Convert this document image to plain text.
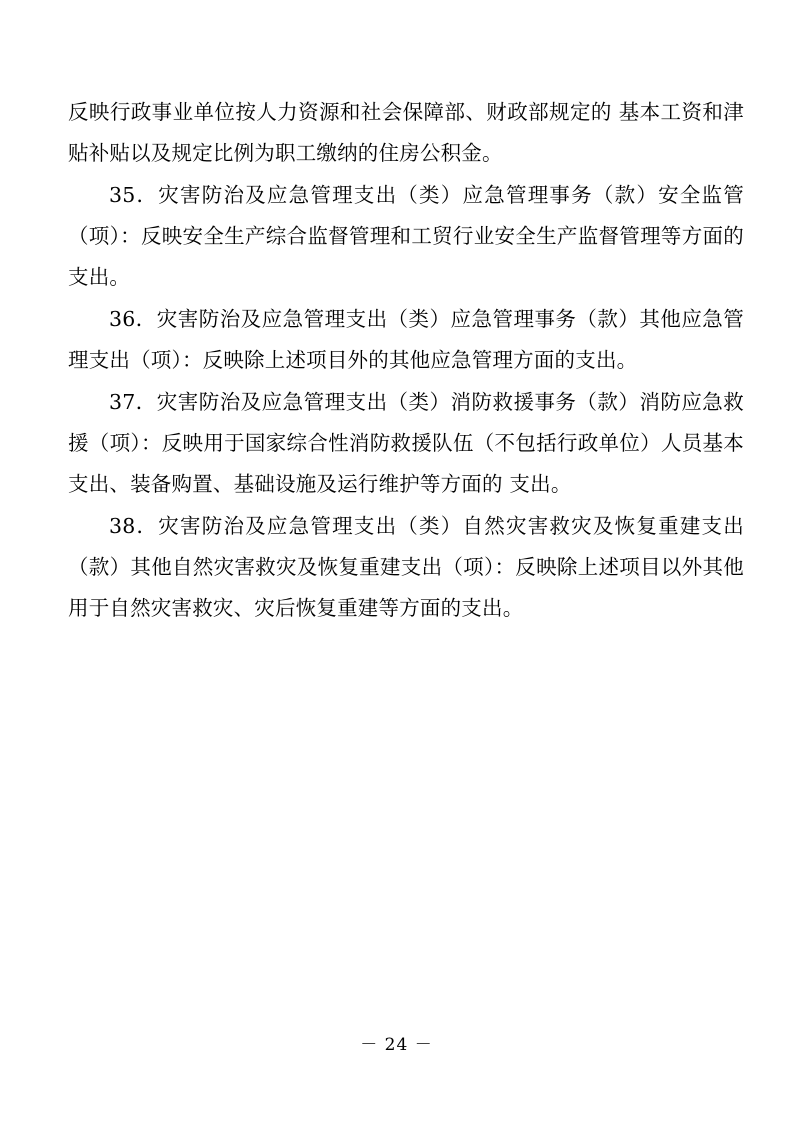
反映行政事业单位按人力资源和社会保障部、财政部规定的 基本工资和津贴补贴以及规定比例为职工缴纳的住房公积金。

35．灾害防治及应急管理支出（类）应急管理事务（款）安全监管（项）：反映安全生产综合监督管理和工贸行业安全生产监督管理等方面的支出。

36．灾害防治及应急管理支出（类）应急管理事务（款）其他应急管理支出（项）：反映除上述项目外的其他应急管理方面的支出。

37．灾害防治及应急管理支出（类）消防救援事务（款）消防应急救援（项）：反映用于国家综合性消防救援队伍（不包括行政单位）人员基本支出、装备购置、基础设施及运行维护等方面的 支出。

38．灾害防治及应急管理支出（类）自然灾害救灾及恢复重建支出（款）其他自然灾害救灾及恢复重建支出（项）：反映除上述项目以外其他用于自然灾害救灾、灾后恢复重建等方面的支出。

－ 24 －
